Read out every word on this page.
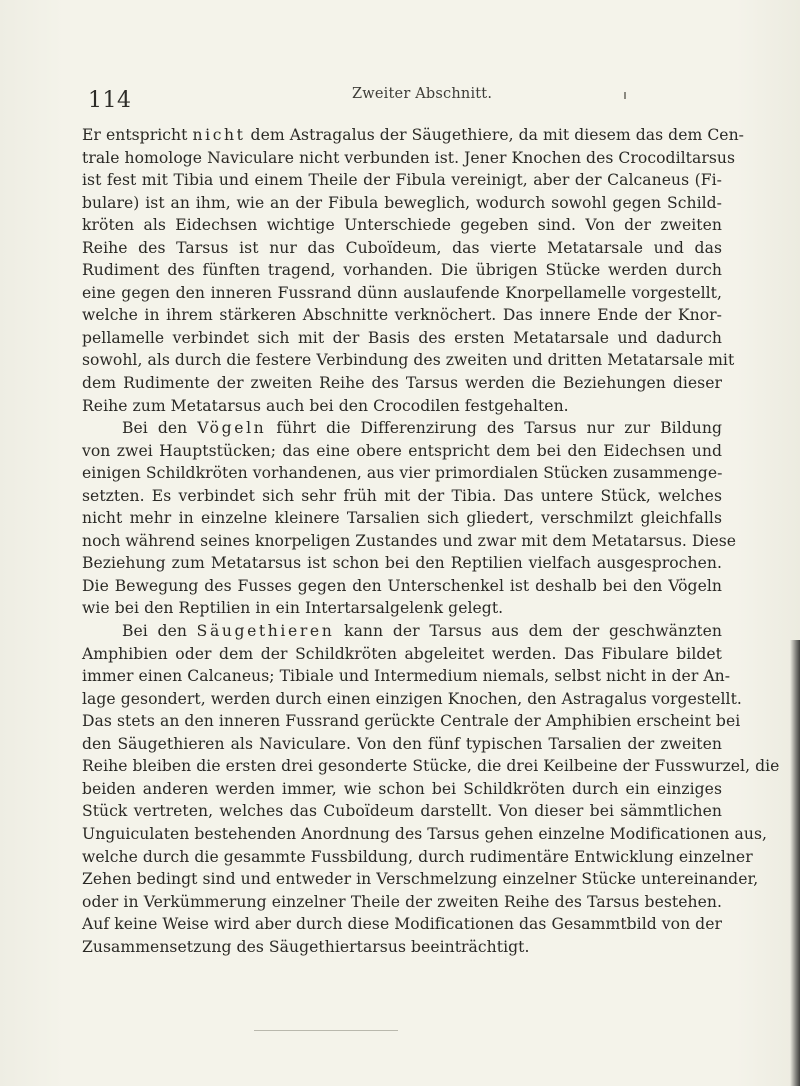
114	Zweiter Abschnitt.
Er entspricht nicht dem Astragalus der Säugethiere, da mit diesem das dem Cen-
trale homologe Naviculare nicht verbunden ist. Jener Knochen des Crocodiltarsus
ist fest mit Tibia und einem Theile der Fibula vereinigt, aber der Calcaneus (Fi-
bulare) ist an ihm, wie an der Fibula beweglich, wodurch sowohl gegen Schild-
kröten als Eidechsen wichtige Unterschiede gegeben sind. Von der zweiten
Reihe des Tarsus ist nur das Cuboïdeum, das vierte Metatarsale und das
Rudiment des fünften tragend, vorhanden. Die übrigen Stücke werden durch
eine gegen den inneren Fussrand dünn auslaufende Knorpellamelle vorgestellt,
welche in ihrem stärkeren Abschnitte verknöchert. Das innere Ende der Knor-
pellamelle verbindet sich mit der Basis des ersten Metatarsale und dadurch
sowohl, als durch die festere Verbindung des zweiten und dritten Metatarsale mit
dem Rudimente der zweiten Reihe des Tarsus werden die Beziehungen dieser
Reihe zum Metatarsus auch bei den Crocodilen festgehalten.
Bei den Vögeln führt die Differenzirung des Tarsus nur zur Bildung
von zwei Hauptstücken; das eine obere entspricht dem bei den Eidechsen und
einigen Schildkröten vorhandenen, aus vier primordialen Stücken zusammenge-
setzten. Es verbindet sich sehr früh mit der Tibia. Das untere Stück, welches
nicht mehr in einzelne kleinere Tarsalien sich gliedert, verschmilzt gleichfalls
noch während seines knorpeligen Zustandes und zwar mit dem Metatarsus. Diese
Beziehung zum Metatarsus ist schon bei den Reptilien vielfach ausgesprochen.
Die Bewegung des Fusses gegen den Unterschenkel ist deshalb bei den Vögeln
wie bei den Reptilien in ein Intertarsalgelenk gelegt.
Bei den Säugethieren kann der Tarsus aus dem der geschwänzten
Amphibien oder dem der Schildkröten abgeleitet werden. Das Fibulare bildet
immer einen Calcaneus; Tibiale und Intermedium niemals, selbst nicht in der An-
lage gesondert, werden durch einen einzigen Knochen, den Astragalus vorgestellt.
Das stets an den inneren Fussrand gerückte Centrale der Amphibien erscheint bei
den Säugethieren als Naviculare. Von den fünf typischen Tarsalien der zweiten
Reihe bleiben die ersten drei gesonderte Stücke, die drei Keilbeine der Fusswurzel, die
beiden anderen werden immer, wie schon bei Schildkröten durch ein einziges
Stück vertreten, welches das Cuboïdeum darstellt. Von dieser bei sämmtlichen
Unguiculaten bestehenden Anordnung des Tarsus gehen einzelne Modificationen aus,
welche durch die gesammte Fussbildung, durch rudimentäre Entwicklung einzelner
Zehen bedingt sind und entweder in Verschmelzung einzelner Stücke untereinander,
oder in Verkümmerung einzelner Theile der zweiten Reihe des Tarsus bestehen.
Auf keine Weise wird aber durch diese Modificationen das Gesammtbild von der
Zusammensetzung des Säugethiertarsus beeinträchtigt.
